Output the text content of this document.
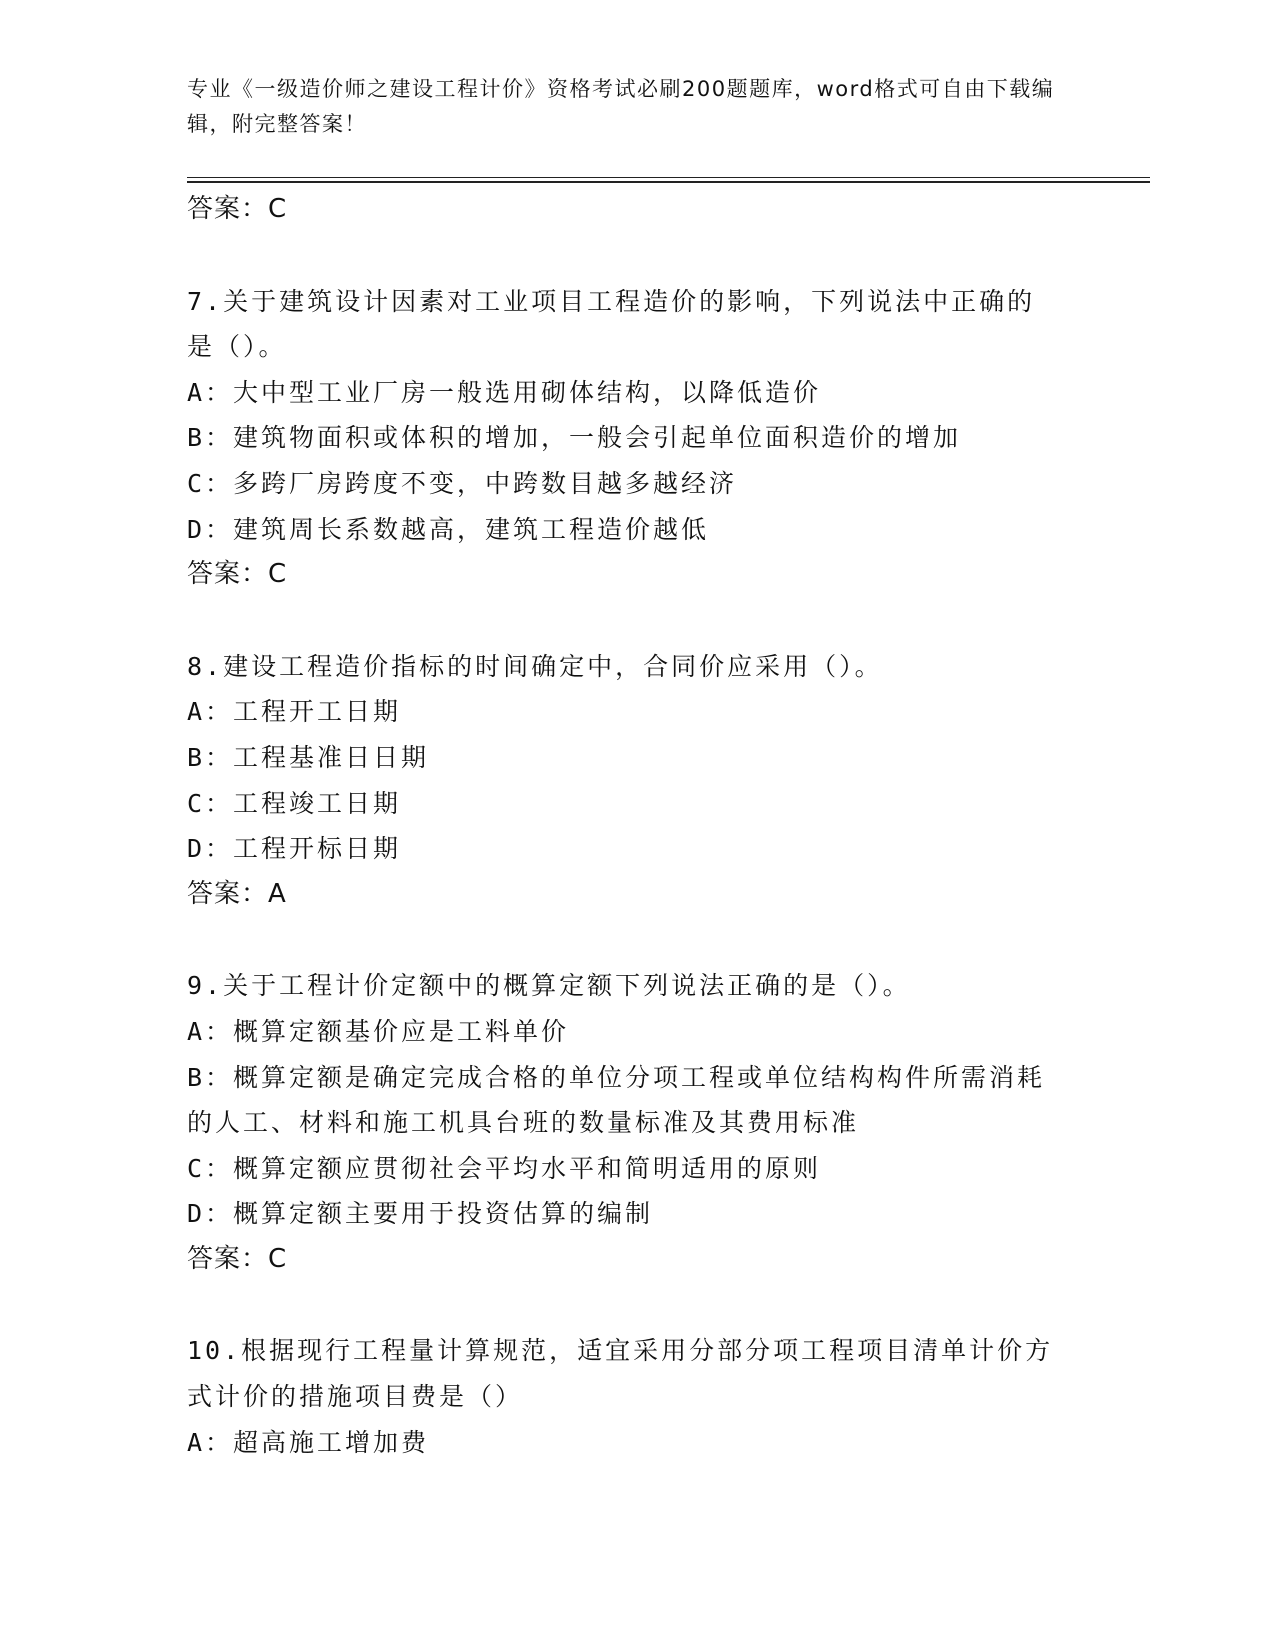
专业《一级造价师之建设工程计价》资格考试必刷200题题库，word格式可自由下载编辑，附完整答案！
答案：C
7.关于建筑设计因素对工业项目工程造价的影响，下列说法中正确的
是（）。
A：大中型工业厂房一般选用砌体结构，以降低造价
B：建筑物面积或体积的增加，一般会引起单位面积造价的增加
C：多跨厂房跨度不变，中跨数目越多越经济
D：建筑周长系数越高，建筑工程造价越低
答案：C
8.建设工程造价指标的时间确定中，合同价应采用（）。
A：工程开工日期
B：工程基准日日期
C：工程竣工日期
D：工程开标日期
答案：A
9.关于工程计价定额中的概算定额下列说法正确的是（）。
A：概算定额基价应是工料单价
B：概算定额是确定完成合格的单位分项工程或单位结构构件所需消耗
的人工、材料和施工机具台班的数量标准及其费用标准
C：概算定额应贯彻社会平均水平和简明适用的原则
D：概算定额主要用于投资估算的编制
答案：C
10.根据现行工程量计算规范，适宜采用分部分项工程项目清单计价方
式计价的措施项目费是（）
A：超高施工增加费
